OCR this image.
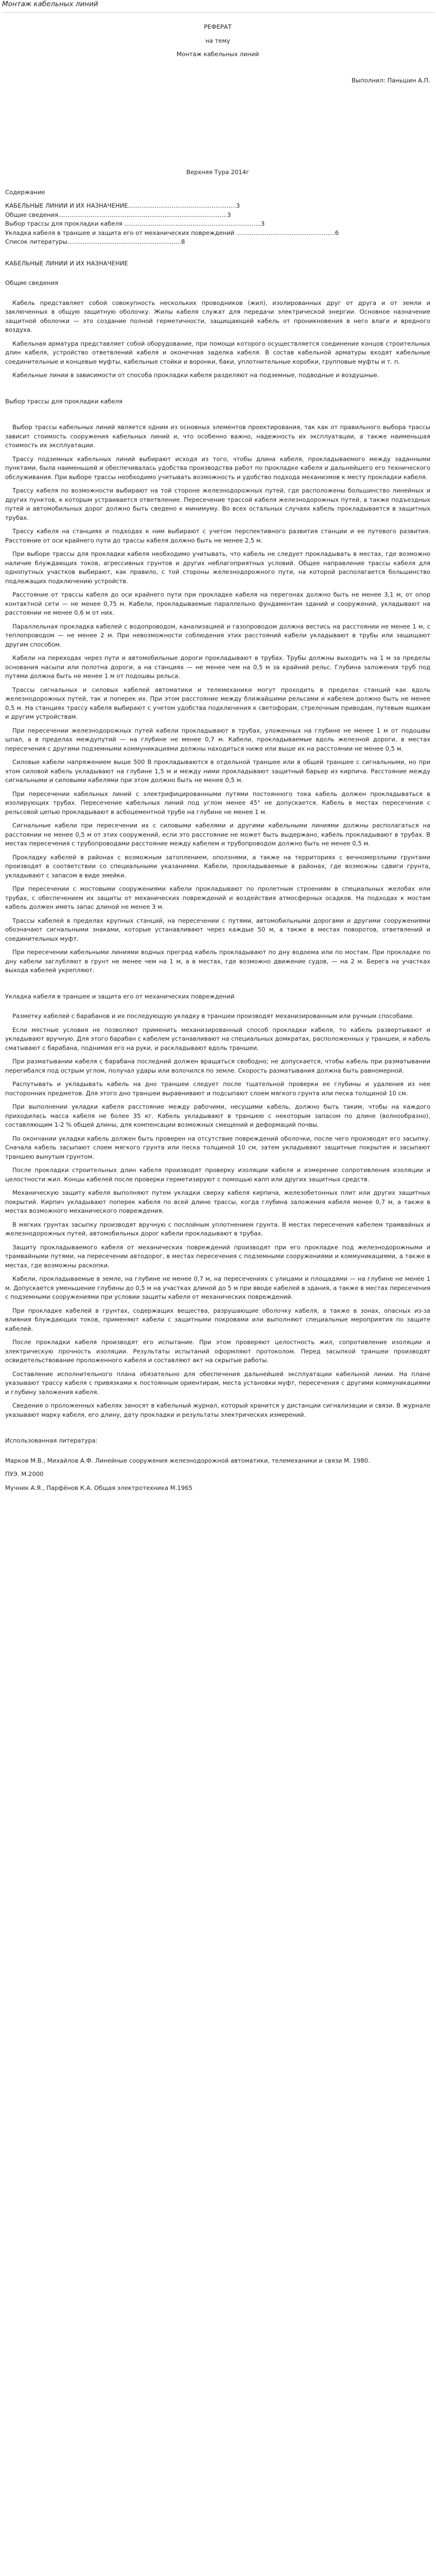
Монтаж кабельных линий

РЕФЕРАТ

на тему

Монтаж кабельных линий

Выполнил: Паньшин А.П.

Верхняя Тура 2014г

Содержание

КАБЕЛЬНЫЕ ЛИНИИ И ИХ НАЗНАЧЕНИЕ.........................................................3

Общие сведения.........................................................................................3

Выбор трассы для прокладки кабеля ........................................................................3

Укладка кабеля в траншее и защита его от механических повреждений ....................................................6

Список литературы............................................................8

КАБЕЛЬНЫЕ ЛИНИИ И ИХ НАЗНАЧЕНИЕ

Общие сведения

Кабель представляет собой совокупность нескольких проводников (жил), изолированных друг от друга и от земли и заключенных в общую защитную оболочку. Жилы кабеля служат для передачи электрической энергии. Основное назначение защитной оболочки — это создание полной герметичности, защищающей кабель от проникновения в него влаги и вредного воздуха.

Кабельная арматура представляет собой оборудование, при помощи которого осуществляется соединение концов строительных длин кабеля, устройство ответвлений кабеля и оконечная заделка кабеля. В состав кабельной арматуры входят кабельные соединительные и концевые муфты, кабельные стойки и воронки, баки, уплотнительные коробки, групповые муфты и т. п.

Кабельные линии в зависимости от способа прокладки кабеля разделяют на подземные, подводные и воздушные.

Выбор трассы для прокладки кабеля

Выбор трассы кабельных линий является одним из основных элементов проектирования, так как от правильного выбора трассы зависит стоимость сооружения кабельных линий и, что особенно важно, надежность их эксплуатации, а также наименьшая стоимость их эксплуатации.

Трассу подземных кабельных линий выбирают исходя из того, чтобы длина кабеля, прокладываемого между заданными пунктами, была наименьшей и обеспечивалась удобства производства работ по прокладке кабеля и дальнейшего его технического обслуживания. При выборе трассы необходимо учитывать возможность и удобство подхода механизмов к месту прокладки кабеля.

Трассу кабеля по возможности выбирают на той стороне железнодорожных путей, где расположены большинство линейных и других пунктов, к которым устраивается ответвление. Пересечение трассой кабеля железнодорожных путей, а также подъездных путей и автомобильных дорог должно быть сведено к минимуму. Во всех остальных случаях кабель прокладывается в защитных трубах.

Трассу кабеля на станциях и подходах к ним выбирают с учетом перспективного развития станции и ее путевого развития. Расстояние от оси крайнего пути до трассы кабеля должно быть не менее 2,5 м.

При выборе трассы для прокладки кабеля необходимо учитывать, что кабель не следует прокладывать в местах, где возможно наличие блуждающих токов, агрессивных грунтов и других неблагоприятных условий. Общее направление трассы кабеля для однопутных участков выбирают, как правило, с той стороны железнодорожного пути, на которой располагается большинство подлежащих подключению устройств.

Расстояние от трассы кабеля до оси крайнего пути при прокладке кабеля на перегонах должно быть не менее 3,1 м, от опор контактной сети — не менее 0,75 м. Кабели, прокладываемые параллельно фундаментам зданий и сооружений, укладывают на расстоянии не менее 0,6 м от них.

Параллельная прокладка кабелей с водопроводом, канализацией и газопроводом должна вестись на расстоянии не менее 1 м, с теплопроводом — не менее 2 м. При невозможности соблюдения этих расстояний кабели укладывают в трубы или защищают другим способом.

Кабели на переходах через пути и автомобильные дороги прокладывают в трубах. Трубы должны выходить на 1 м за пределы основания насыпи или полотна дороги, а на станциях — не менее чем на 0,5 м за крайний рельс. Глубина заложения труб под путями должна быть не менее 1 м от подошвы рельса.

Трассы сигнальных и силовых кабелей автоматики и телемеханики могут проходить в пределах станций как вдоль железнодорожных путей, так и поперек их. При этом расстояние между ближайшими рельсами и кабелем должно быть не менее 0,5 м. На станциях трассу кабеля выбирают с учетом удобства подключения к светофорам, стрелочным приводам, путевым ящикам и другим устройствам.

При пересечении железнодорожных путей кабели прокладывают в трубах, уложенных на глубине не менее 1 м от подошвы шпал, а в пределах междупутий — на глубине не менее 0,7 м. Кабели, прокладываемые вдоль железной дороги, в местах пересечения с другими подземными коммуникациями должны находиться ниже или выше их на расстоянии не менее 0,5 м.

Силовые кабели напряжением выше 500 В прокладываются в отдельной траншее или в общей траншее с сигнальными, но при этом силовой кабель укладывают на глубине 1,5 м и между ними прокладывают защитный барьер из кирпича. Расстояние между сигнальными и силовыми кабелями при этом должно быть не менее 0,5 м.

При пересечении кабельных линий с электрифицированными путями постоянного тока кабель должен прокладываться в изолирующих трубах. Пересечение кабельных линий под углом менее 45° не допускается. Кабель в местах пересечения с рельсовой цепью прокладывают в асбоцементной трубе на глубине не менее 1 м.

Сигнальные кабели при пересечении их с силовыми кабелями и другими кабельными линиями должны располагаться на расстоянии не менее 0,5 м от этих сооружений, если это расстояние не может быть выдержано, кабель прокладывают в трубах. В местах пересечения с трубопроводами расстояние между кабелем и трубопроводом должно быть не менее 0,5 м.

Прокладку кабелей в районах с возможным затоплением, оползнями, а также на территориях с вечномерзлыми грунтами производят в соответствии со специальными указаниями. Кабели, прокладываемые в районах, где возможны сдвиги грунта, укладывают с запасом в виде змейки.

При пересечении с мостовыми сооружениями кабели прокладывают по пролетным строениям в специальных желобах или трубах, с обеспечением их защиты от механических повреждений и воздействия атмосферных осадков. На подходах к мостам кабель должен иметь запас длиной не менее 3 м.

Трассы кабелей в пределах крупных станций, на пересечении с путями, автомобильными дорогами и другими сооружениями обозначают сигнальными знаками, которые устанавливают через каждые 50 м, а также в местах поворотов, ответвлений и соединительных муфт.

При пересечении кабельными линиями водных преград кабель прокладывают по дну водоема или по мостам. При прокладке по дну кабели заглубляют в грунт не менее чем на 1 м, а в местах, где возможно движение судов, — на 2 м. Берега на участках выхода кабелей укрепляют.

Укладка кабеля в траншее и защита его от механических повреждений

Разметку кабелей с барабанов и их последующую укладку в траншеи производят механизированным или ручным способами.

Если местные условия не позволяют применить механизированный способ прокладки кабеля, то кабель развертывают и укладывают вручную. Для этого барабан с кабелем устанавливают на специальных домкратах, расположенных у траншеи, и кабель сматывают с барабана, поднимая его на руки, и раскладывают вдоль траншеи.

При разматывании кабеля с барабана последний должен вращаться свободно; не допускается, чтобы кабель при разматывании перегибался под острым углом, получал удары или волочился по земле. Скорость разматывания должна быть равномерной.

Распутывать и укладывать кабель на дно траншеи следует после тщательной проверки ее глубины и удаления из нее посторонних предметов. Для этого дно траншеи выравнивают и подсыпают слоем мягкого грунта или песка толщиной 10 см.

При выполнении укладки кабеля расстояние между рабочими, несущими кабель, должно быть таким, чтобы на каждого приходилась масса кабеля не более 35 кг. Кабель укладывают в траншею с некоторым запасом по длине (волнообразно), составляющим 1-2 % общей длины, для компенсации возможных смещений и деформаций почвы.

По окончании укладки кабель должен быть проверен на отсутствие повреждений оболочки, после чего производят его засыпку. Сначала кабель засыпают слоем мягкого грунта или песка толщиной 10 см, затем укладывают защитные покрытия и засыпают траншею вынутым грунтом.

После прокладки строительных длин кабеля производят проверку изоляции кабеля и измерение сопротивления изоляции и целостности жил. Концы кабелей после проверки герметизируют с помощью капп или других защитных средств.

Механическую защиту кабеля выполняют путем укладки сверху кабеля кирпича, железобетонных плит или других защитных покрытий. Кирпич укладывают поперек кабеля по всей длине трассы, когда глубина заложения кабеля менее 0,7 м, а также в местах возможного механического повреждения.

В мягких грунтах засыпку производят вручную с послойным уплотнением грунта. В местах пересечения кабелем трамвайных и железнодорожных путей, автомобильных дорог кабели прокладывают в трубах.

Защиту прокладываемого кабеля от механических повреждений производят при его прокладке под железнодорожными и трамвайными путями, на пересечении автодорог, в местах пересечения с подземными сооружениями и коммуникациями, а также в местах, где возможны раскопки.

Кабели, прокладываемые в земле, на глубине не менее 0,7 м, на пересечениях с улицами и площадями — на глубине не менее 1 м. Допускается уменьшение глубины до 0,5 м на участках длиной до 5 м при вводе кабелей в здания, а также в местах пересечения с подземными сооружениями при условии защиты кабеля от механических повреждений.

При прокладке кабелей в грунтах, содержащих вещества, разрушающие оболочку кабеля, а также в зонах, опасных из-за влияния блуждающих токов, применяют кабели с защитными покровами или выполняют специальные мероприятия по защите кабелей.

После прокладки кабеля производят его испытание. При этом проверяют целостность жил, сопротивление изоляции и электрическую прочность изоляции. Результаты испытаний оформляют протоколом. Перед засыпкой траншеи производят освидетельствование проложенного кабеля и составляют акт на скрытые работы.

Составление исполнительного плана обязательно для обеспечения дальнейшей эксплуатации кабельной линии. На плане указывают трассу кабеля с привязками к постоянным ориентирам, места установки муфт, пересечения с другими коммуникациями и глубину заложения кабеля.

Сведения о проложенных кабелях заносят в кабельный журнал, который хранится у дистанции сигнализации и связи. В журнале указывают марку кабеля, его длину, дату прокладки и результаты электрических измерений.

Использованная литература:

Марков М.В., Михайлов А.Ф. Линейные сооружения железнодорожной автоматики, телемеханики и связи М. 1980.

ПУЭ. М.2000

Мучник А.Я., Парфёнов К.А. Общая электротехника М.1965
